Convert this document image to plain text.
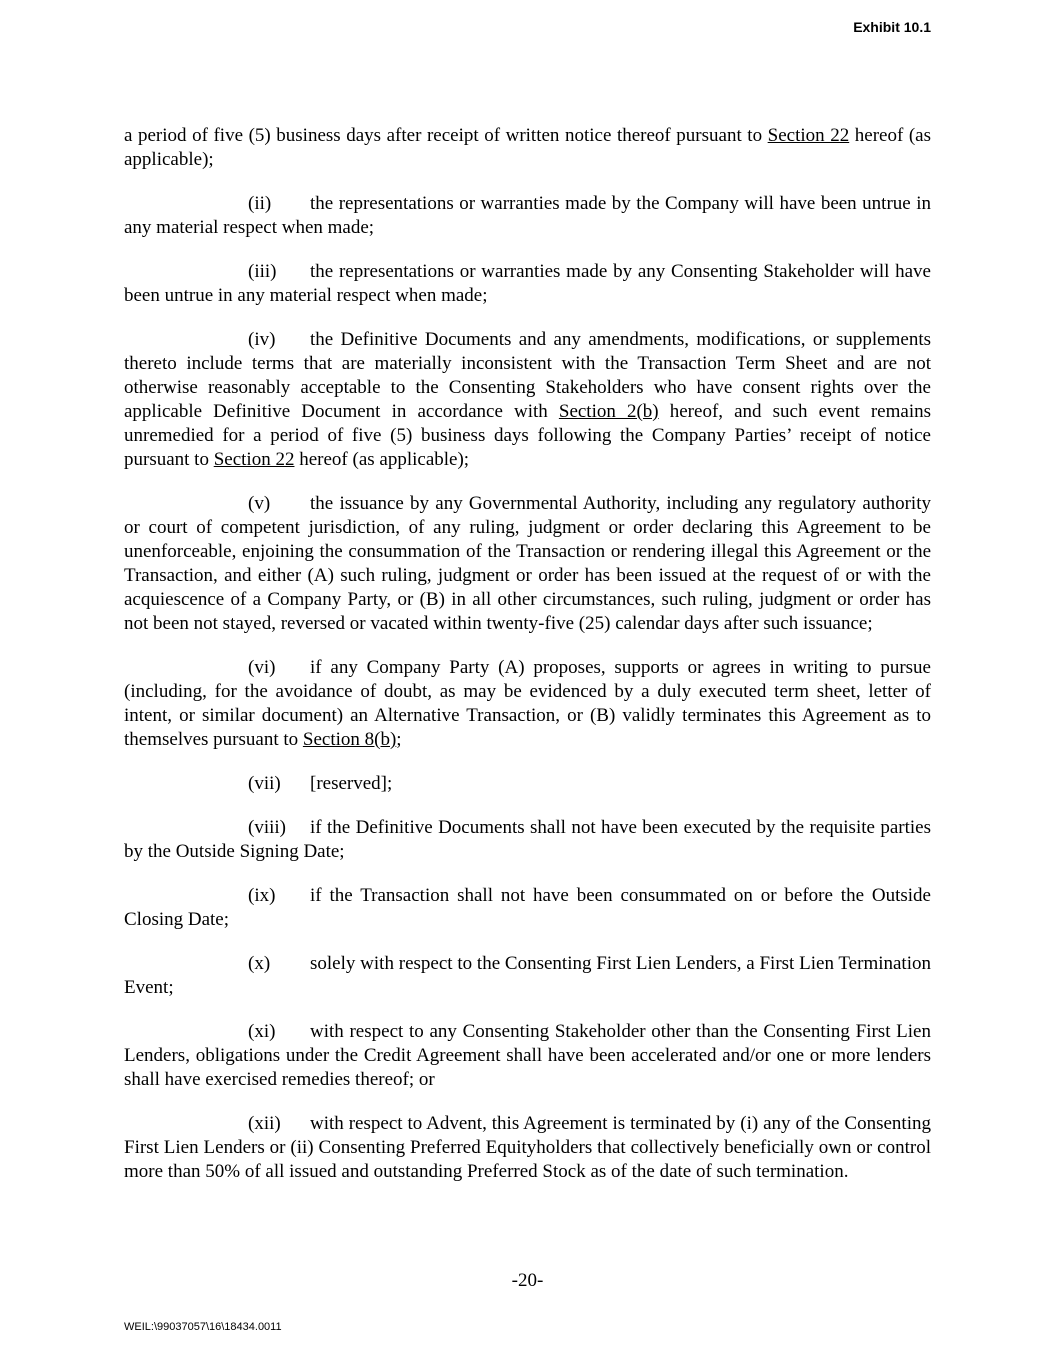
Exhibit 10.1

a period of five (5) business days after receipt of written notice thereof pursuant to Section 22 hereof (as applicable);

(ii) the representations or warranties made by the Company will have been untrue in any material respect when made;

(iii) the representations or warranties made by any Consenting Stakeholder will have been untrue in any material respect when made;

(iv) the Definitive Documents and any amendments, modifications, or supplements thereto include terms that are materially inconsistent with the Transaction Term Sheet and are not otherwise reasonably acceptable to the Consenting Stakeholders who have consent rights over the applicable Definitive Document in accordance with Section 2(b) hereof, and such event remains unremedied for a period of five (5) business days following the Company Parties’ receipt of notice pursuant to Section 22 hereof (as applicable);

(v) the issuance by any Governmental Authority, including any regulatory authority or court of competent jurisdiction, of any ruling, judgment or order declaring this Agreement to be unenforceable, enjoining the consummation of the Transaction or rendering illegal this Agreement or the Transaction, and either (A) such ruling, judgment or order has been issued at the request of or with the acquiescence of a Company Party, or (B) in all other circumstances, such ruling, judgment or order has not been not stayed, reversed or vacated within twenty-five (25) calendar days after such issuance;

(vi) if any Company Party (A) proposes, supports or agrees in writing to pursue (including, for the avoidance of doubt, as may be evidenced by a duly executed term sheet, letter of intent, or similar document) an Alternative Transaction, or (B) validly terminates this Agreement as to themselves pursuant to Section 8(b);

(vii) [reserved];

(viii) if the Definitive Documents shall not have been executed by the requisite parties by the Outside Signing Date;

(ix) if the Transaction shall not have been consummated on or before the Outside Closing Date;

(x) solely with respect to the Consenting First Lien Lenders, a First Lien Termination Event;

(xi) with respect to any Consenting Stakeholder other than the Consenting First Lien Lenders, obligations under the Credit Agreement shall have been accelerated and/or one or more lenders shall have exercised remedies thereof; or

(xii) with respect to Advent, this Agreement is terminated by (i) any of the Consenting First Lien Lenders or (ii) Consenting Preferred Equityholders that collectively beneficially own or control more than 50% of all issued and outstanding Preferred Stock as of the date of such termination.

-20-
WEIL:\99037057\16\18434.0011
